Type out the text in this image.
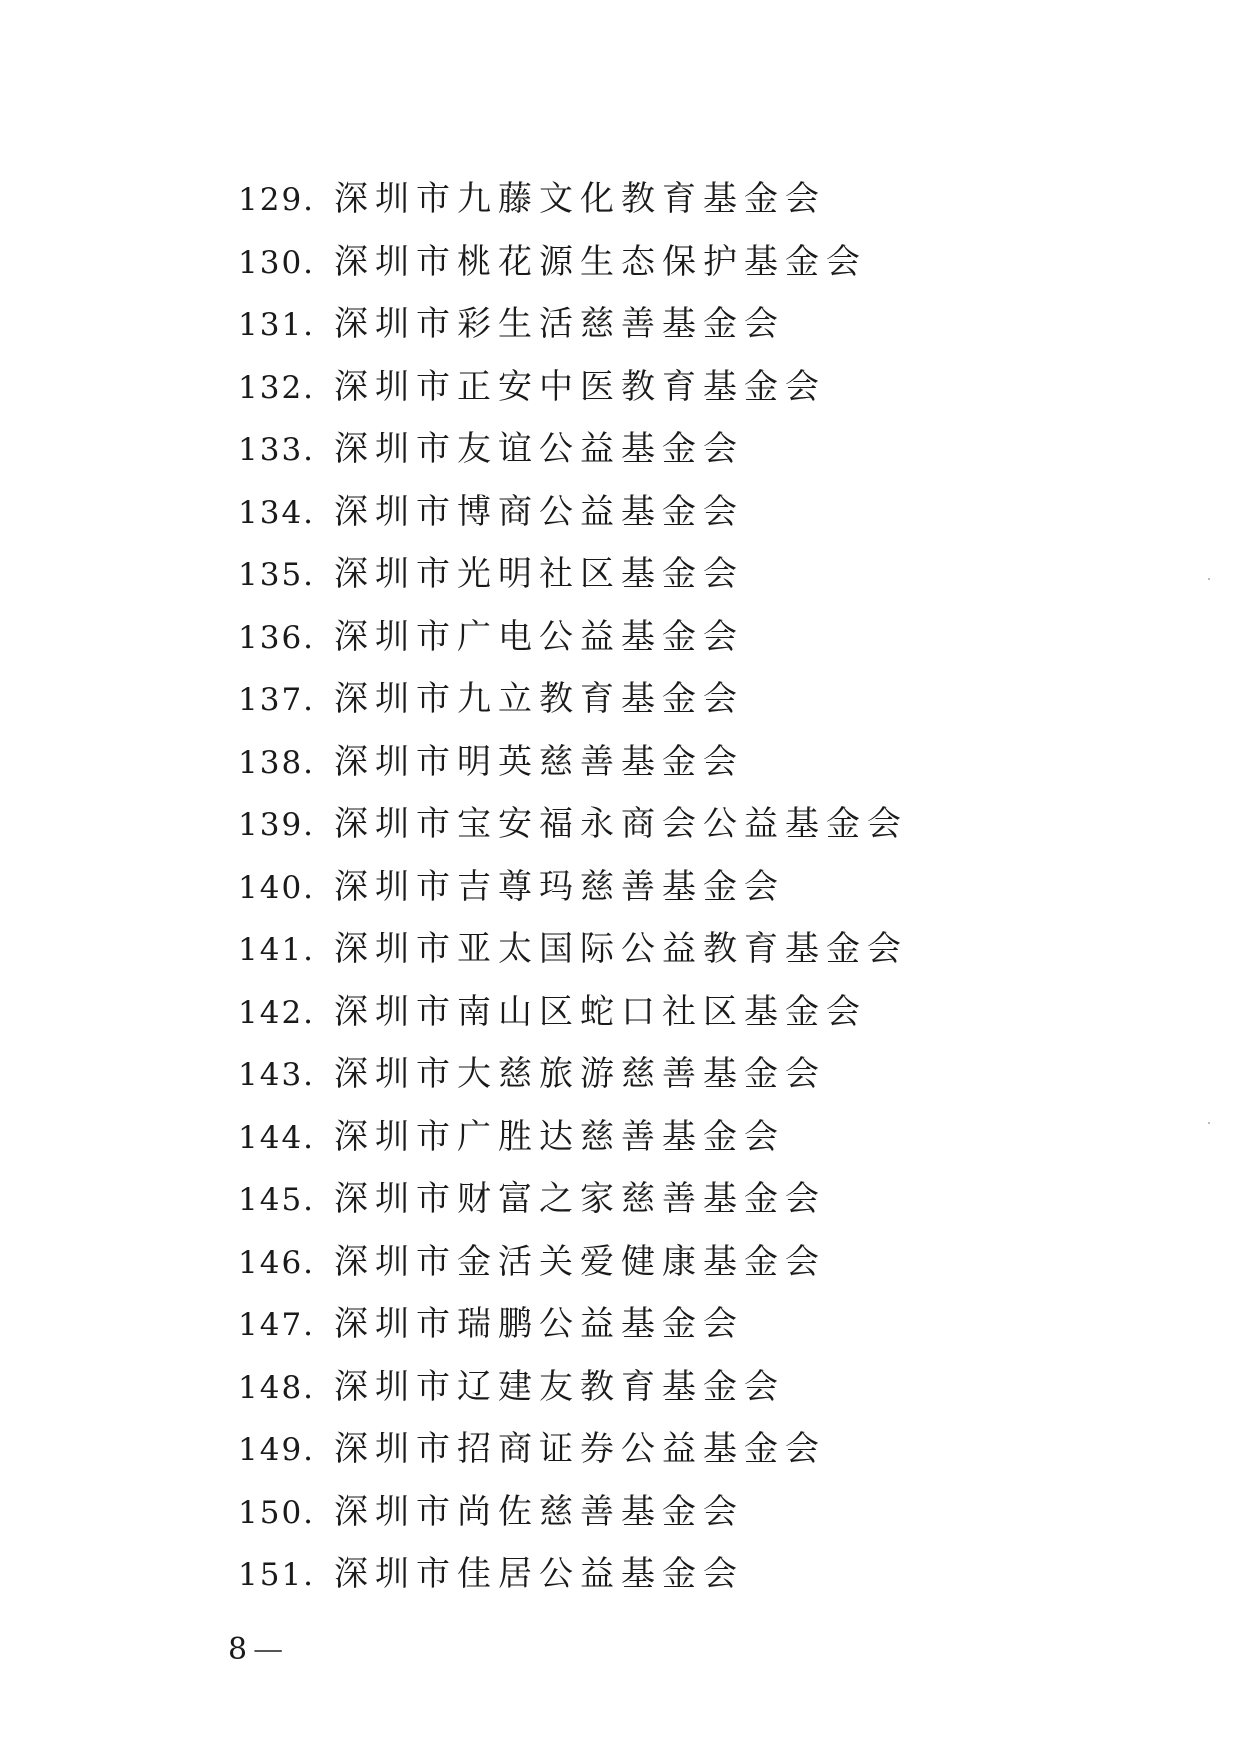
129. 深圳市九藤文化教育基金会
130. 深圳市桃花源生态保护基金会
131. 深圳市彩生活慈善基金会
132. 深圳市正安中医教育基金会
133. 深圳市友谊公益基金会
134. 深圳市博商公益基金会
135. 深圳市光明社区基金会
136. 深圳市广电公益基金会
137. 深圳市九立教育基金会
138. 深圳市明英慈善基金会
139. 深圳市宝安福永商会公益基金会
140. 深圳市吉尊玛慈善基金会
141. 深圳市亚太国际公益教育基金会
142. 深圳市南山区蛇口社区基金会
143. 深圳市大慈旅游慈善基金会
144. 深圳市广胜达慈善基金会
145. 深圳市财富之家慈善基金会
146. 深圳市金活关爱健康基金会
147. 深圳市瑞鹏公益基金会
148. 深圳市辽建友教育基金会
149. 深圳市招商证券公益基金会
150. 深圳市尚佐慈善基金会
151. 深圳市佳居公益基金会
8 —
